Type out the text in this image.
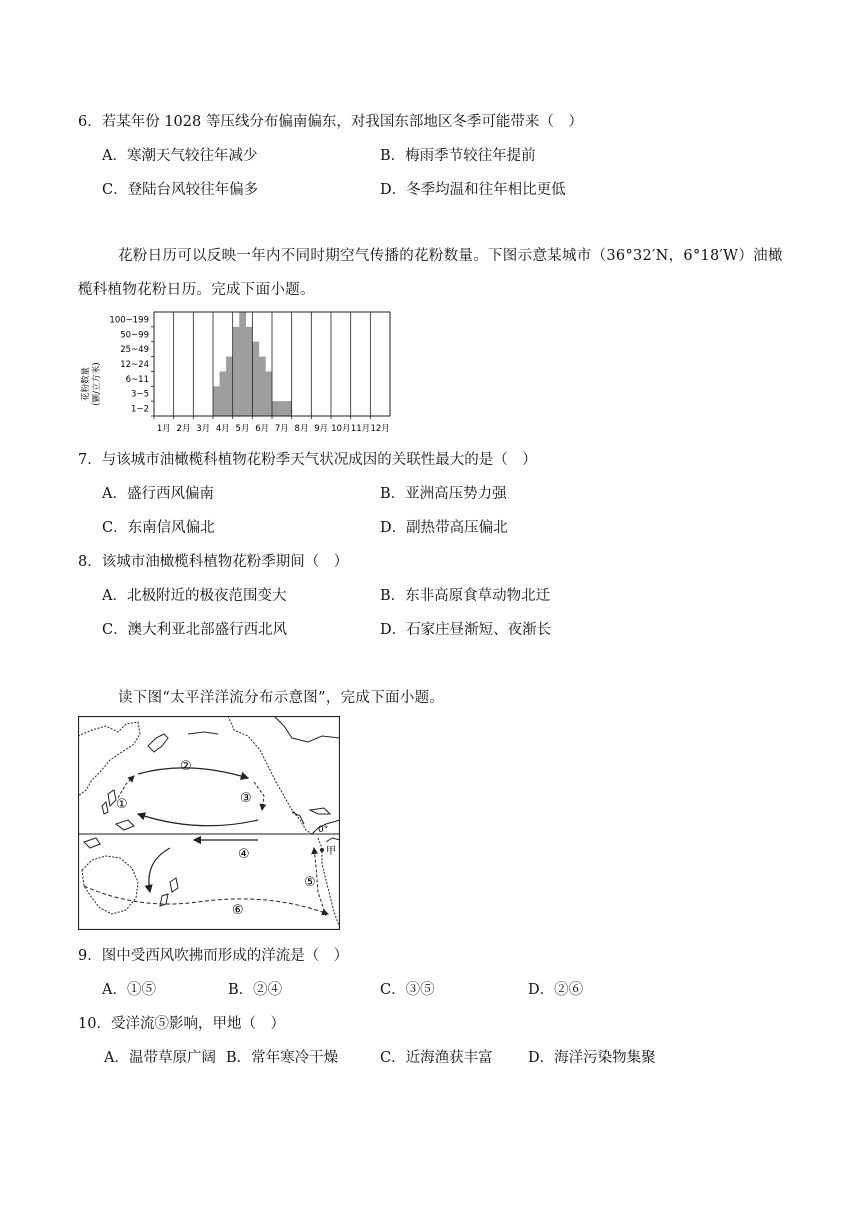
6．若某年份 1028 等压线分布偏南偏东，对我国东部地区冬季可能带来（　）
A．寒潮天气较往年减少	B．梅雨季节较往年提前
C．登陆台风较往年偏多	D．冬季均温和往年相比更低
花粉日历可以反映一年内不同时期空气传播的花粉数量。下图示意某城市（36°32′N，6°18′W）油橄
榄科植物花粉日历。完成下面小题。
100~199
50~99
25~49
12~24
6~11
3~5
1~2
1月 2月 3月 4月 5月 6月 7月 8月 9月 10月 11月 12月
花粉数量 (颗/立方米)
7．与该城市油橄榄科植物花粉季天气状况成因的关联性最大的是（　）
A．盛行西风偏南	B．亚洲高压势力强
C．东南信风偏北	D．副热带高压偏北
8．该城市油橄榄科植物花粉季期间（　）
A．北极附近的极夜范围变大	B．东非高原食草动物北迁
C．澳大利亚北部盛行西北风	D．石家庄昼渐短、夜渐长
读下图“太平洋洋流分布示意图”，完成下面小题。
0°
①
②
③
④
⑤
⑥
甲
9．图中受西风吹拂而形成的洋流是（　）
A．①⑤	B．②④	C．③⑤	D．②⑥
10．受洋流⑤影响，甲地（　）
A．温带草原广阔 B．常年寒冷干燥	C．近海渔获丰富 D．海洋污染物集聚
